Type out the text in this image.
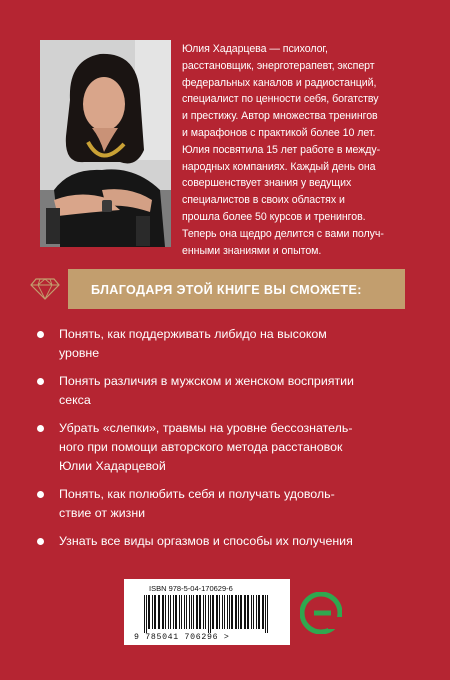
Юлия Хадарцева — психолог,
расстановщик, энерготерапевт, эксперт
федеральных каналов и радиостанций,
специалист по ценности себя, богатству
и престижу. Автор множества тренингов
и марафонов с практикой более 10 лет.
Юлия посвятила 15 лет работе в между-
народных компаниях. Каждый день она
совершенствует знания у ведущих
специалистов в своих областях и
прошла более 50 курсов и тренингов.
Теперь она щедро делится с вами получ-
енными знаниями и опытом.
БЛАГОДАРЯ ЭТОЙ КНИГЕ ВЫ СМОЖЕТЕ:
Понять, как поддерживать либидо на высоком
уровне
Понять различия в мужском и женском восприятии
секса
Убрать «слепки», травмы на уровне бессознатель-
ного при помощи авторского метода расстановок
Юлии Хадарцевой
Понять, как полюбить себя и получать удоволь-
ствие от жизни
Узнать все виды оргазмов и способы их получения
ISBN 978-5-04-170629-6
9 785041 706296 >
